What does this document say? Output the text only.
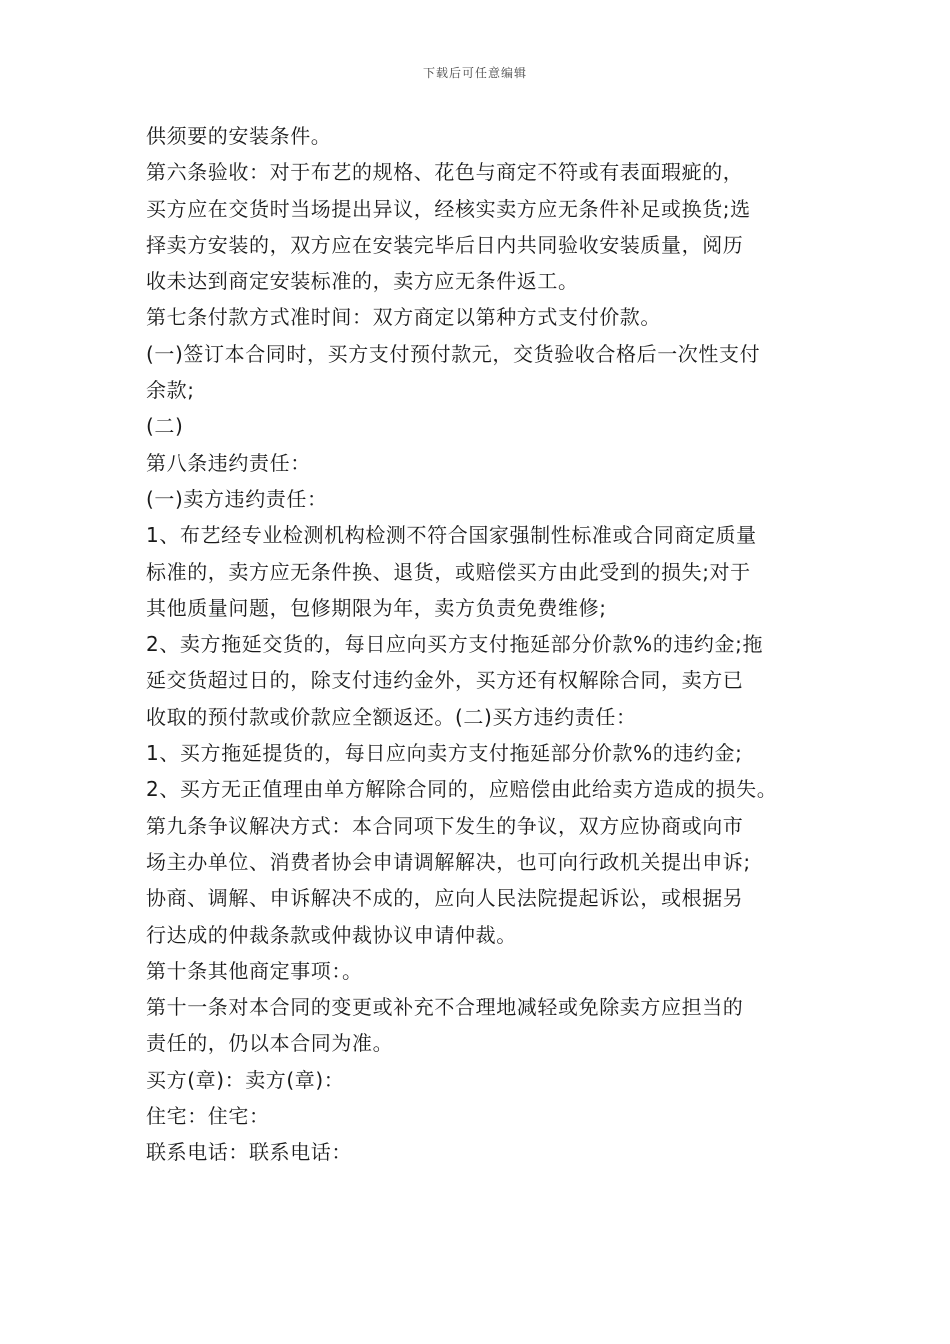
下载后可任意编辑
供须要的安装条件。
第六条验收：对于布艺的规格、花色与商定不符或有表面瑕疵的，
买方应在交货时当场提出异议，经核实卖方应无条件补足或换货;选
择卖方安装的，双方应在安装完毕后日内共同验收安装质量，阅历
收未达到商定安装标准的，卖方应无条件返工。
第七条付款方式准时间：双方商定以第种方式支付价款。
(一)签订本合同时，买方支付预付款元，交货验收合格后一次性支付
余款;
(二)
第八条违约责任：
(一)卖方违约责任：
1、布艺经专业检测机构检测不符合国家强制性标准或合同商定质量
标准的，卖方应无条件换、退货，或赔偿买方由此受到的损失;对于
其他质量问题，包修期限为年，卖方负责免费维修;
2、卖方拖延交货的，每日应向买方支付拖延部分价款%的违约金;拖
延交货超过日的，除支付违约金外，买方还有权解除合同，卖方已
收取的预付款或价款应全额返还。(二)买方违约责任：
1、买方拖延提货的，每日应向卖方支付拖延部分价款%的违约金;
2、买方无正值理由单方解除合同的，应赔偿由此给卖方造成的损失。
第九条争议解决方式：本合同项下发生的争议，双方应协商或向市
场主办单位、消费者协会申请调解解决，也可向行政机关提出申诉;
协商、调解、申诉解决不成的，应向人民法院提起诉讼，或根据另
行达成的仲裁条款或仲裁协议申请仲裁。
第十条其他商定事项：。
第十一条对本合同的变更或补充不合理地减轻或免除卖方应担当的
责任的，仍以本合同为准。
买方(章)：卖方(章)：
住宅：住宅：
联系电话：联系电话：
